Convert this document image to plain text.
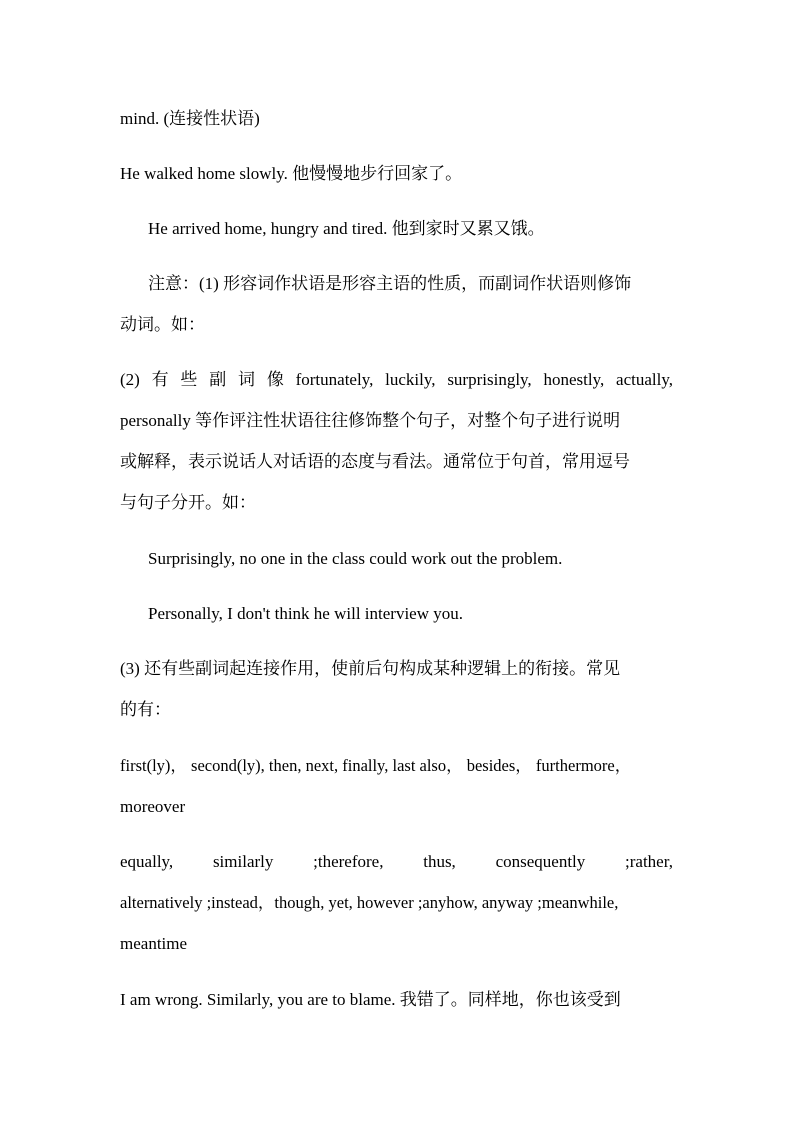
mind. (连接性状语)
He walked home slowly. 他慢慢地步行回家了。
He arrived home, hungry and tired. 他到家时又累又饿。
注意：(1) 形容词作状语是形容主语的性质，而副词作状语则修饰
动词。如：
(2) 有 些 副 词 像 fortunately, luckily, surprisingly, honestly, actually,
personally 等作评注性状语往往修饰整个句子，对整个句子进行说明
或解释，表示说话人对话语的态度与看法。通常位于句首，常用逗号
与句子分开。如：
Surprisingly, no one in the class could work out the problem.
Personally, I don't think he will interview you.
(3) 还有些副词起连接作用，使前后句构成某种逻辑上的衔接。常见
的有：
first(ly)， second(ly), then, next, finally, last also， besides， furthermore，
moreover
equally, similarly ;therefore, thus, consequently ;rather,
alternatively ;instead，though, yet, however ;anyhow, anyway ;meanwhile,
meantime
I am wrong. Similarly, you are to blame. 我错了。同样地，你也该受到
